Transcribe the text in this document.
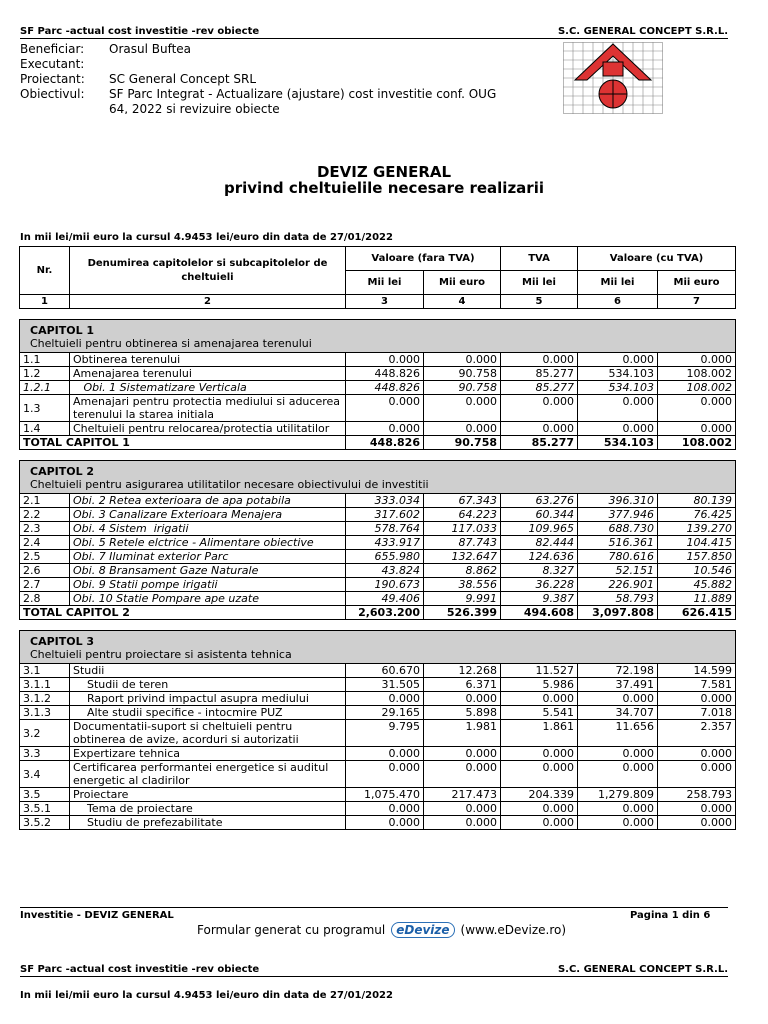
SF Parc -actual cost investitie -rev obiecte	S.C. GENERAL CONCEPT S.R.L.
Beneficiar:	Orasul Buftea
Executant:
Proiectant:	SC General Concept SRL
Obiectivul:	SF Parc Integrat - Actualizare (ajustare) cost investitie conf. OUG
64, 2022 si revizuire obiecte
DEVIZ GENERAL
privind cheltuielile necesare realizarii
In mii lei/mii euro la cursul 4.9453 lei/euro din data de 27/01/2022
Nr.	Denumirea capitolelor si subcapitolelor de cheltuieli	Valoare (fara TVA)		TVA	Valoare (cu TVA)	
		Mii lei	Mii euro	Mii lei	Mii lei	Mii euro
1	2	3	4	5	6	7

CAPITOL 1
Cheltuieli pentru obtinerea si amenajarea terenului						

1.1	Obtinerea terenului	0.000	0.000	0.000	0.000	0.000
1.2	Amenajarea terenului	448.826	90.758	85.277	534.103	108.002
1.2.1	Obi. 1 Sistematizare Verticala	448.826	90.758	85.277	534.103	108.002
1.3	Amenajari pentru protectia mediului si aducerea terenului la starea initiala	0.000	0.000	0.000	0.000	0.000
1.4	Cheltuieli pentru relocarea/protectia utilitatilor	0.000	0.000	0.000	0.000	0.000
TOTAL CAPITOL 1		448.826	90.758	85.277	534.103	108.002

CAPITOL 2
Cheltuieli pentru asigurarea utilitatilor necesare obiectivului de investitii						

2.1	Obi. 2 Retea exterioara de apa potabila	333.034	67.343	63.276	396.310	80.139
2.2	Obi. 3 Canalizare Exterioara Menajera	317.602	64.223	60.344	377.946	76.425
2.3	Obi. 4 Sistem  irigatii	578.764	117.033	109.965	688.730	139.270
2.4	Obi. 5 Retele elctrice - Alimentare obiective	433.917	87.743	82.444	516.361	104.415
2.5	Obi. 7 Iluminat exterior Parc	655.980	132.647	124.636	780.616	157.850
2.6	Obi. 8 Bransament Gaze Naturale	43.824	8.862	8.327	52.151	10.546
2.7	Obi. 9 Statii pompe irigatii	190.673	38.556	36.228	226.901	45.882
2.8	Obi. 10 Statie Pompare ape uzate	49.406	9.991	9.387	58.793	11.889
TOTAL CAPITOL 2		2,603.200	526.399	494.608	3,097.808	626.415

CAPITOL 3
Cheltuieli pentru proiectare si asistenta tehnica						

3.1	Studii	60.670	12.268	11.527	72.198	14.599
3.1.1	Studii de teren	31.505	6.371	5.986	37.491	7.581
3.1.2	Raport privind impactul asupra mediului	0.000	0.000	0.000	0.000	0.000
3.1.3	Alte studii specifice - intocmire PUZ	29.165	5.898	5.541	34.707	7.018
3.2	Documentatii-suport si cheltuieli pentru obtinerea de avize, acorduri si autorizatii	9.795	1.981	1.861	11.656	2.357
3.3	Expertizare tehnica	0.000	0.000	0.000	0.000	0.000
3.4	Certificarea performantei energetice si auditul energetic al cladirilor	0.000	0.000	0.000	0.000	0.000
3.5	Proiectare	1,075.470	217.473	204.339	1,279.809	258.793
3.5.1	Tema de proiectare	0.000	0.000	0.000	0.000	0.000
3.5.2	Studiu de prefezabilitate	0.000	0.000	0.000	0.000	0.000
Investitie - DEVIZ GENERAL	Pagina 1 din 6
Formular generat cu programul eDevize (www.eDevize.ro)
SF Parc -actual cost investitie -rev obiecte	S.C. GENERAL CONCEPT S.R.L.
In mii lei/mii euro la cursul 4.9453 lei/euro din data de 27/01/2022
